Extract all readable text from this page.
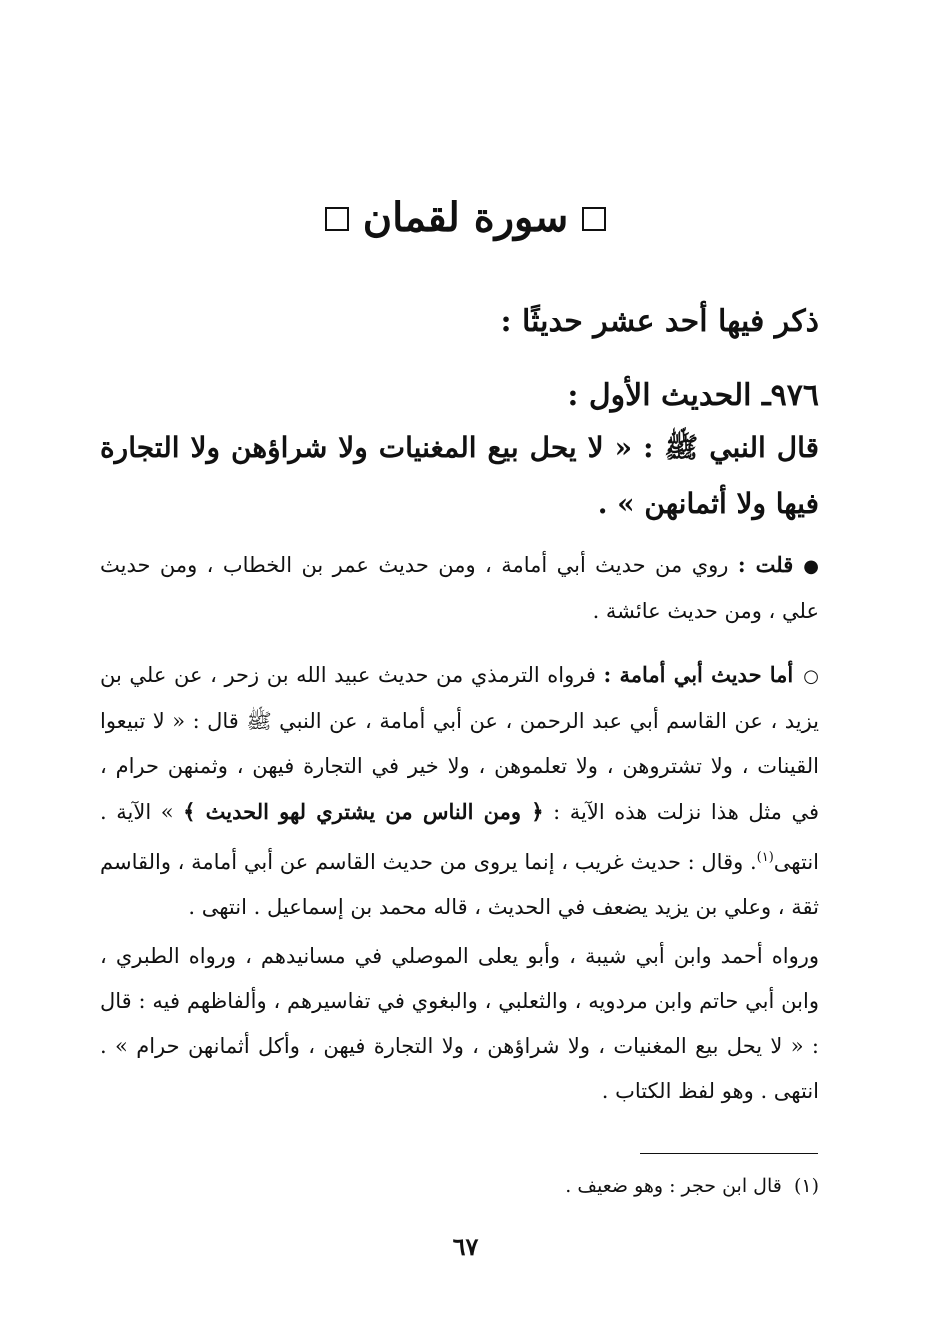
سورة لقمان
ذكر فيها أحد عشر حديثًا :
٩٧٦ـ الحديث الأول :
قال النبي ﷺ : « لا يحل بيع المغنيات ولا شراؤهن ولا التجارة فيها ولا أثمانهن » .
●قلت : روي من حديث أبي أمامة ، ومن حديث عمر بن الخطاب ، ومن حديث علي ، ومن حديث عائشة .
○أما حديث أبي أمامة : فرواه الترمذي من حديث عبيد الله بن زحر ، عن علي بن يزيد ، عن القاسم أبي عبد الرحمن ، عن أبي أمامة ، عن النبي ﷺ قال : « لا تبيعوا القينات ، ولا تشتروهن ، ولا تعلموهن ، ولا خير في التجارة فيهن ، وثمنهن حرام ، في مثل هذا نزلت هذه الآية : ﴿ ومن الناس من يشتري لهو الحديث ﴾ » الآية . انتهى$^{(١)}$. وقال : حديث غريب ، إنما يروى من حديث القاسم عن أبي أمامة ، والقاسم ثقة ، وعلي بن يزيد يضعف في الحديث ، قاله محمد بن إسماعيل . انتهى .
ورواه أحمد وابن أبي شيبة ، وأبو يعلى الموصلي في مسانيدهم ، ورواه الطبري ، وابن أبي حاتم وابن مردويه ، والثعلبي ، والبغوي في تفاسيرهم ، وألفاظهم فيه : قال : « لا يحل بيع المغنيات ، ولا شراؤهن ، ولا التجارة فيهن ، وأكل أثمانهن حرام » . انتهى . وهو لفظ الكتاب .
(١)  قال ابن حجر : وهو ضعيف .
٦٧
